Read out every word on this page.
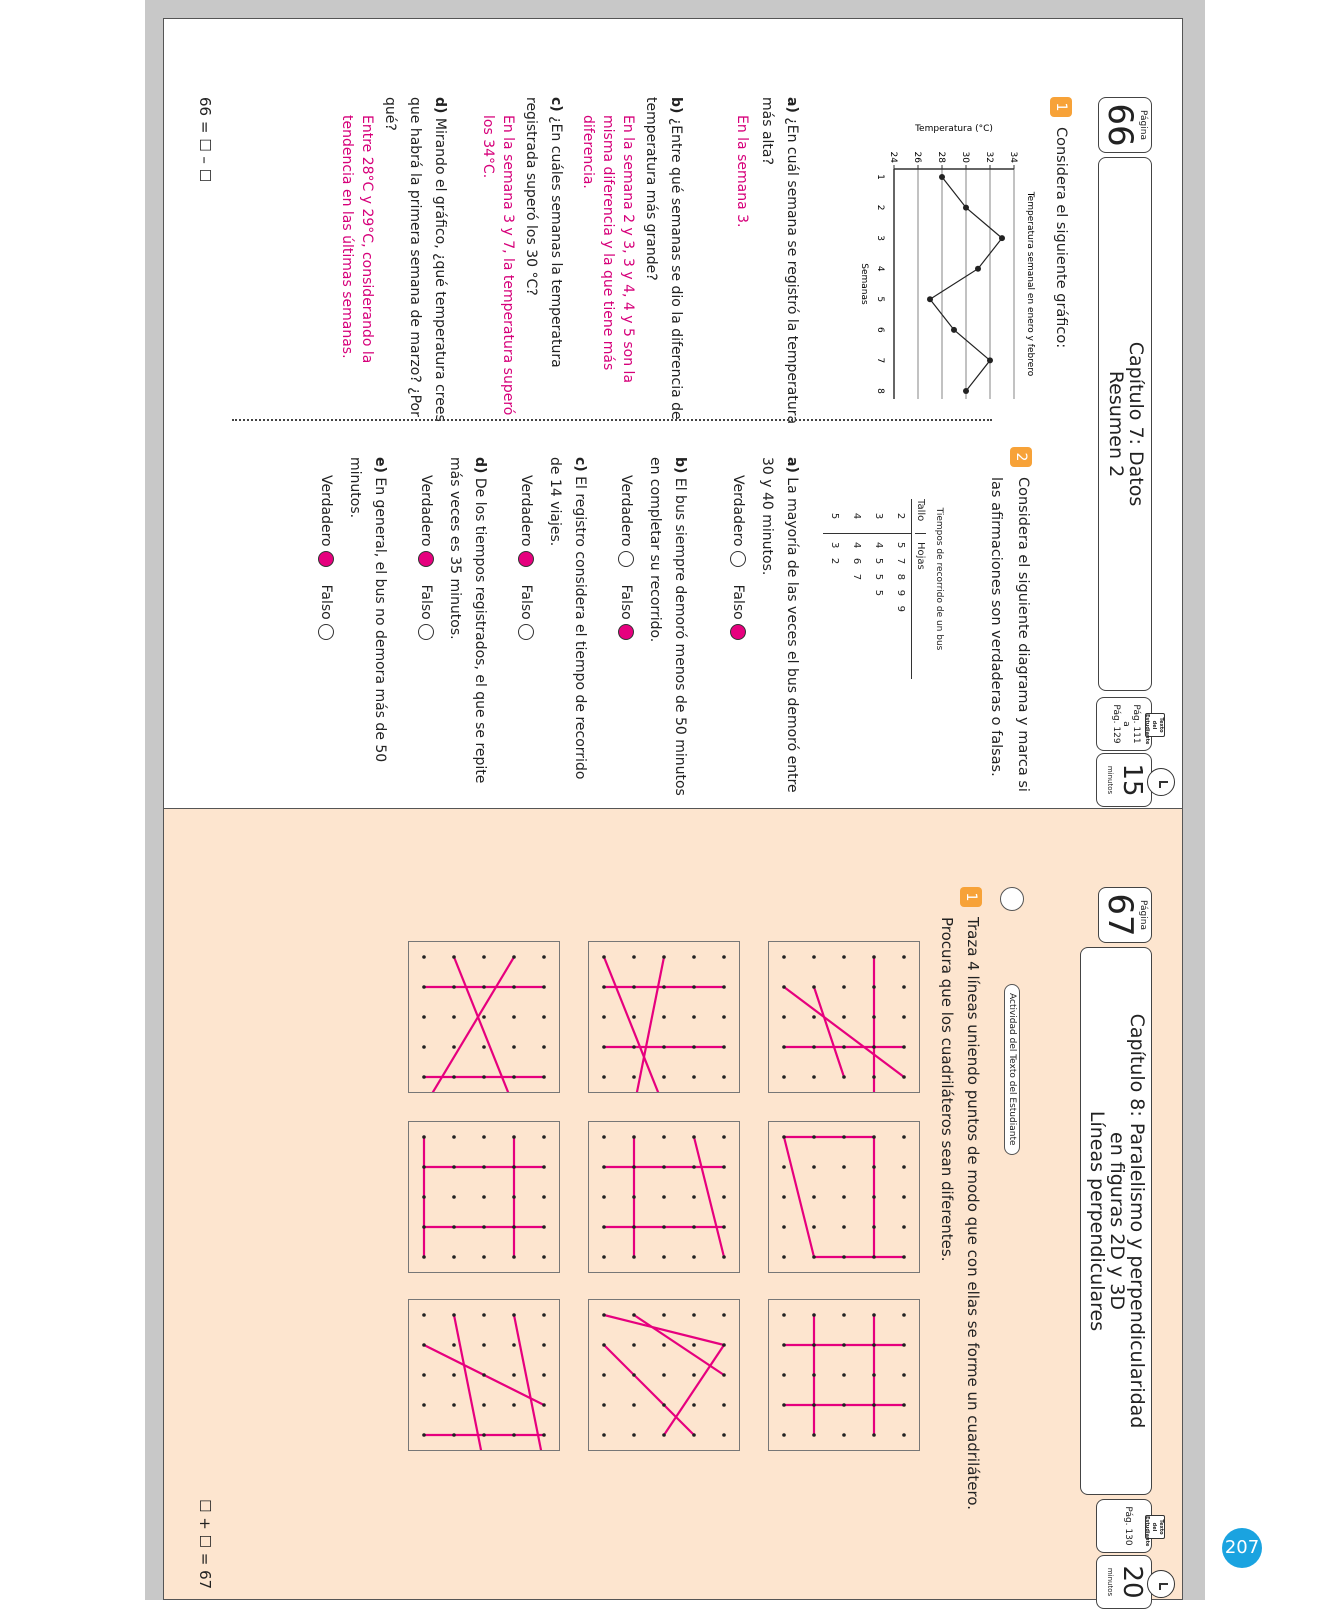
Página
66
Capítulo 7: Datos
Resumen 2
Texto del Estudiante
Pág. 111
a
Pág. 129
15
minutos
1
Considera el siguiente gráfico:
Temperatura semanal en enero y febrero
24 26 28 30 32 34
1
2
3
4
5
6
7
8
Semanas
Temperatura (°C)
a) ¿En cuál semana se registró la temperatura más alta?
En la semana 3.
b) ¿Entre qué semanas se dio la diferencia de temperatura más grande?

En la semana 2 y 3, 3 y 4, 4 y 5 son la misma diferencia y la que tiene más diferencia.
c) ¿En cuáles semanas la temperatura registrada superó los 30 °C?

En la semana 3 y 7, la temperatura superó los 34°C.
d) Mirando el gráfico, ¿qué temperatura crees que habrá la primera semana de marzo? ¿Por qué?

Entre 28°C y 29°C, considerando la tendencia en las últimas semanas.
66 = ☐ – ☐
2
Considera el siguiente diagrama y marca si las afirmaciones son verdaderas o falsas.
Tiempos de recorrido de un bus
Tallo
Hojas
2
5   7   8   9   9
3
4   5   5   5
4
4   6   7
5
3   2
a) La mayoría de las veces el bus demoró entre 30 y 40 minutos.
VerdaderoFalso
b) El bus siempre demoró menos de 50 minutos en completar su recorrido.
VerdaderoFalso
c) El registro considera el tiempo de recorrido de 14 viajes.
VerdaderoFalso
d) De los tiempos registrados, el que se repite más veces es 35 minutos.
VerdaderoFalso
e) En general, el bus no demora más de 50 minutos.
VerdaderoFalso
Página
67
Capítulo 8: Paralelismo y perpendicularidad
en figuras 2D y 3D
Líneas perpendiculares
Texto del Estudiante
Pág. 130
20
minutos
Actividad del Texto del Estudiante
1
Traza 4 líneas uniendo puntos de modo que con ellas se forme un cuadrilátero.
Procura que los cuadriláteros sean diferentes.
☐ + ☐ = 67	207
